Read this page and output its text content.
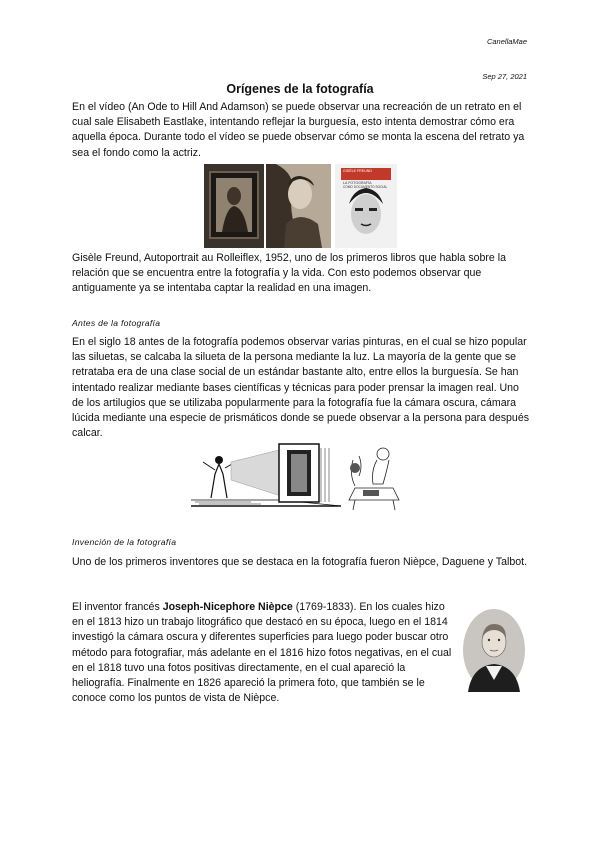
CanellaMae
Sep 27, 2021
Orígenes de la fotografía

En el vídeo (An Ode to Hill And Adamson) se puede observar una recreación de un retrato en el cual sale Elisabeth Eastlake, intentando reflejar la burguesía, esto intenta demostrar cómo era aquella época. Durante todo el vídeo se puede observar cómo se monta la escena del retrato ya sea el fondo como la actriz.

GISÈLE FREUND
LA FOTOGRAFÍA
COMO DOCUMENTO SOCIAL

Gisèle Freund, Autoportrait au Rolleiflex, 1952, uno de los primeros libros que habla sobre la relación que se encuentra entre la fotografía y la vida. Con esto podemos observar que antiguamente ya se intentaba captar la realidad en una imagen.

Antes de la fotografía

En el siglo 18 antes de la fotografía podemos observar varias pinturas, en el cual se hizo popular las siluetas, se calcaba la silueta de la persona mediante la luz. La mayoría de la gente que se retrataba era de una clase social de un estándar bastante alto, entre ellos la burguesía. Se han intentado realizar mediante bases científicas y técnicas para poder prensar la imagen real. Uno de los artilugios que se utilizaba popularmente para la fotografía fue la cámara oscura, cámara lúcida mediante una especie de prismáticos donde se puede observar a la persona para después calcar.

Invención de la fotografía

Uno de los primeros inventores que se destaca en la fotografía fueron Nièpce, Daguene y Talbot.

El inventor francés Joseph-Nicephore Nièpce (1769-1833). En los cuales hizo en el 1813 hizo un trabajo litográfico que destacó en su época, luego en el 1814 investigó la cámara oscura y diferentes superficies para luego poder buscar otro método para fotografiar, más adelante en el 1816 hizo fotos negativas, en el cual en el 1818 tuvo una fotos positivas directamente, en el cual apareció la heliografía. Finalmente en 1826 apareció la primera foto, que también se le conoce como los puntos de vista de Nièpce.
